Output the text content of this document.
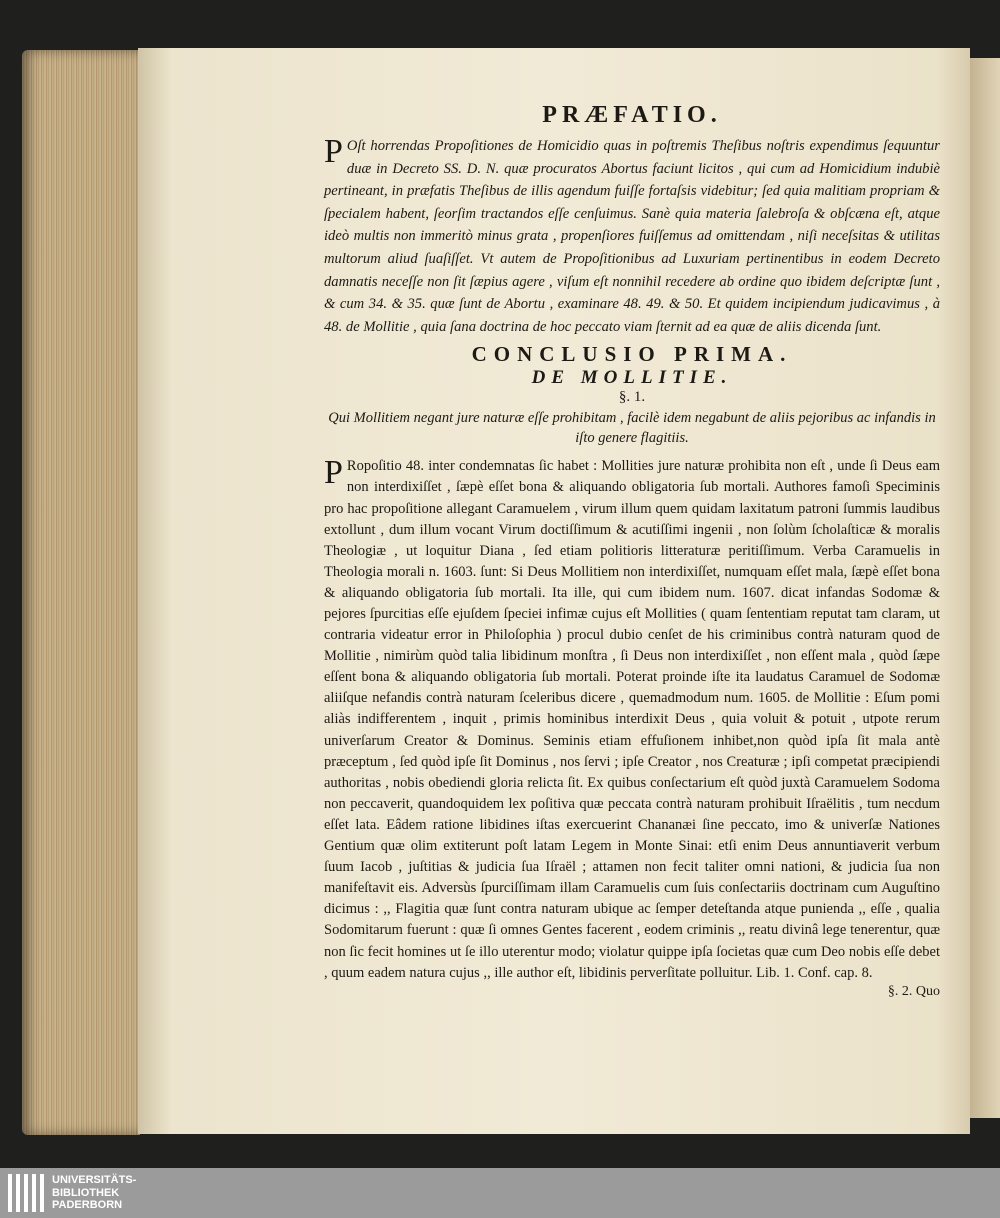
PRÆFATIO.

P Oſt horrendas Propoſitiones de Homicidio quas in poſtremis Theſibus noſtris expendimus ſequuntur duæ in Decreto SS. D. N. quæ procuratos Abortus faciunt licitos , qui cum ad Homicidium indubiè pertineant, in præfatis Theſibus de illis agendum fuiſſe fortaſsis videbitur; ſed quia malitiam propriam & ſpecialem habent, ſeorſim tractandos eſſe cenſuimus. Sanè quia materia ſalebroſa & obſcæna eſt, atque ideò multis non immeritò minus grata , propenſiores fuiſſemus ad omittendam , niſi neceſsitas & utilitas multorum aliud ſuaſiſſet. Vt autem de Propoſitionibus ad Luxuriam pertinentibus in eodem Decreto damnatis neceſſe non ſit ſæpius agere , viſum eſt nonnihil recedere ab ordine quo ibidem deſcriptæ ſunt , & cum 34. & 35. quæ ſunt de Abortu , examinare 48. 49. & 50. Et quidem incipiendum judicavimus , à 48. de Mollitie , quia ſana doctrina de hoc peccato viam ſternit ad ea quæ de aliis dicenda ſunt.

CONCLUSIO PRIMA.
DE MOLLITIE.

§. 1.

Qui Mollitiem negant jure naturæ eſſe prohibitam , facilè idem negabunt de aliis pejoribus ac infandis in iſto genere flagitiis.

P Ropoſitio 48. inter condemnatas ſic habet : Mollities jure naturæ prohibita non eſt , unde ſi Deus eam non interdixiſſet , ſæpè eſſet bona & aliquando obligatoria ſub mortali. Authores famoſi Speciminis pro hac propoſitione allegant Caramuelem , virum illum quem quidam laxitatum patroni ſummis laudibus extollunt , dum illum vocant Virum doctiſſimum & acutiſſimi ingenii , non ſolùm ſcholaſticæ & moralis Theologiæ , ut loquitur Diana , ſed etiam politioris litteraturæ peritiſſimum. Verba Caramuelis in Theologia morali n. 1603. ſunt: Si Deus Mollitiem non interdixiſſet, numquam eſſet mala, ſæpè eſſet bona & aliquando obligatoria ſub mortali. Ita ille, qui cum ibidem num. 1607. dicat infandas Sodomæ & pejores ſpurcitias eſſe ejuſdem ſpeciei infimæ cujus eſt Mollities ( quam ſententiam reputat tam claram, ut contraria videatur error in Philoſophia ) procul dubio cenſet de his criminibus contrà naturam quod de Mollitie , nimirùm quòd talia libidinum monſtra , ſi Deus non interdixiſſet , non eſſent mala , quòd ſæpe eſſent bona & aliquando obligatoria ſub mortali. Poterat proinde iſte ita laudatus Caramuel de Sodomæ aliiſque nefandis contrà naturam ſceleribus dicere , quemadmodum num. 1605. de Mollitie : Eſum pomi aliàs indifferentem , inquit , primis hominibus interdixit Deus , quia voluit & potuit , utpote rerum univerſarum Creator & Dominus. Seminis etiam effuſionem inhibet,non quòd ipſa ſit mala antè præceptum , ſed quòd ipſe ſit Dominus , nos ſervi ; ipſe Creator , nos Creaturæ ; ipſi competat præcipiendi authoritas , nobis obediendi gloria relicta ſit. Ex quibus conſectarium eſt quòd juxtà Caramuelem Sodoma non peccaverit, quandoquidem lex poſitiva quæ peccata contrà naturam prohibuit Iſraëlitis , tum necdum eſſet lata. Eâdem ratione libidines iſtas exercuerint Chananæi ſine peccato, imo & univerſæ Nationes Gentium quæ olim extiterunt poſt latam Legem in Monte Sinai: etſi enim Deus annuntiaverit verbum ſuum Iacob , juſtitias & judicia ſua Iſraël ; attamen non fecit taliter omni nationi, & judicia ſua non manifeſtavit eis. Adversùs ſpurciſſimam illam Caramuelis cum ſuis conſectariis doctrinam cum Auguſtino dicimus : ,, Flagitia quæ ſunt contra naturam ubique ac ſemper deteſtanda atque punienda ,, eſſe , qualia Sodomitarum fuerunt : quæ ſi omnes Gentes facerent , eodem criminis ,, reatu divinâ lege tenerentur, quæ non ſic fecit homines ut ſe illo uterentur modo; violatur quippe ipſa ſocietas quæ cum Deo nobis eſſe debet , quum eadem natura cujus ,, ille author eſt, libidinis perverſitate polluitur. Lib. 1. Conf. cap. 8.

§. 2. Quo

UNIVERSITÄTS-
BIBLIOTHEK
PADERBORN
